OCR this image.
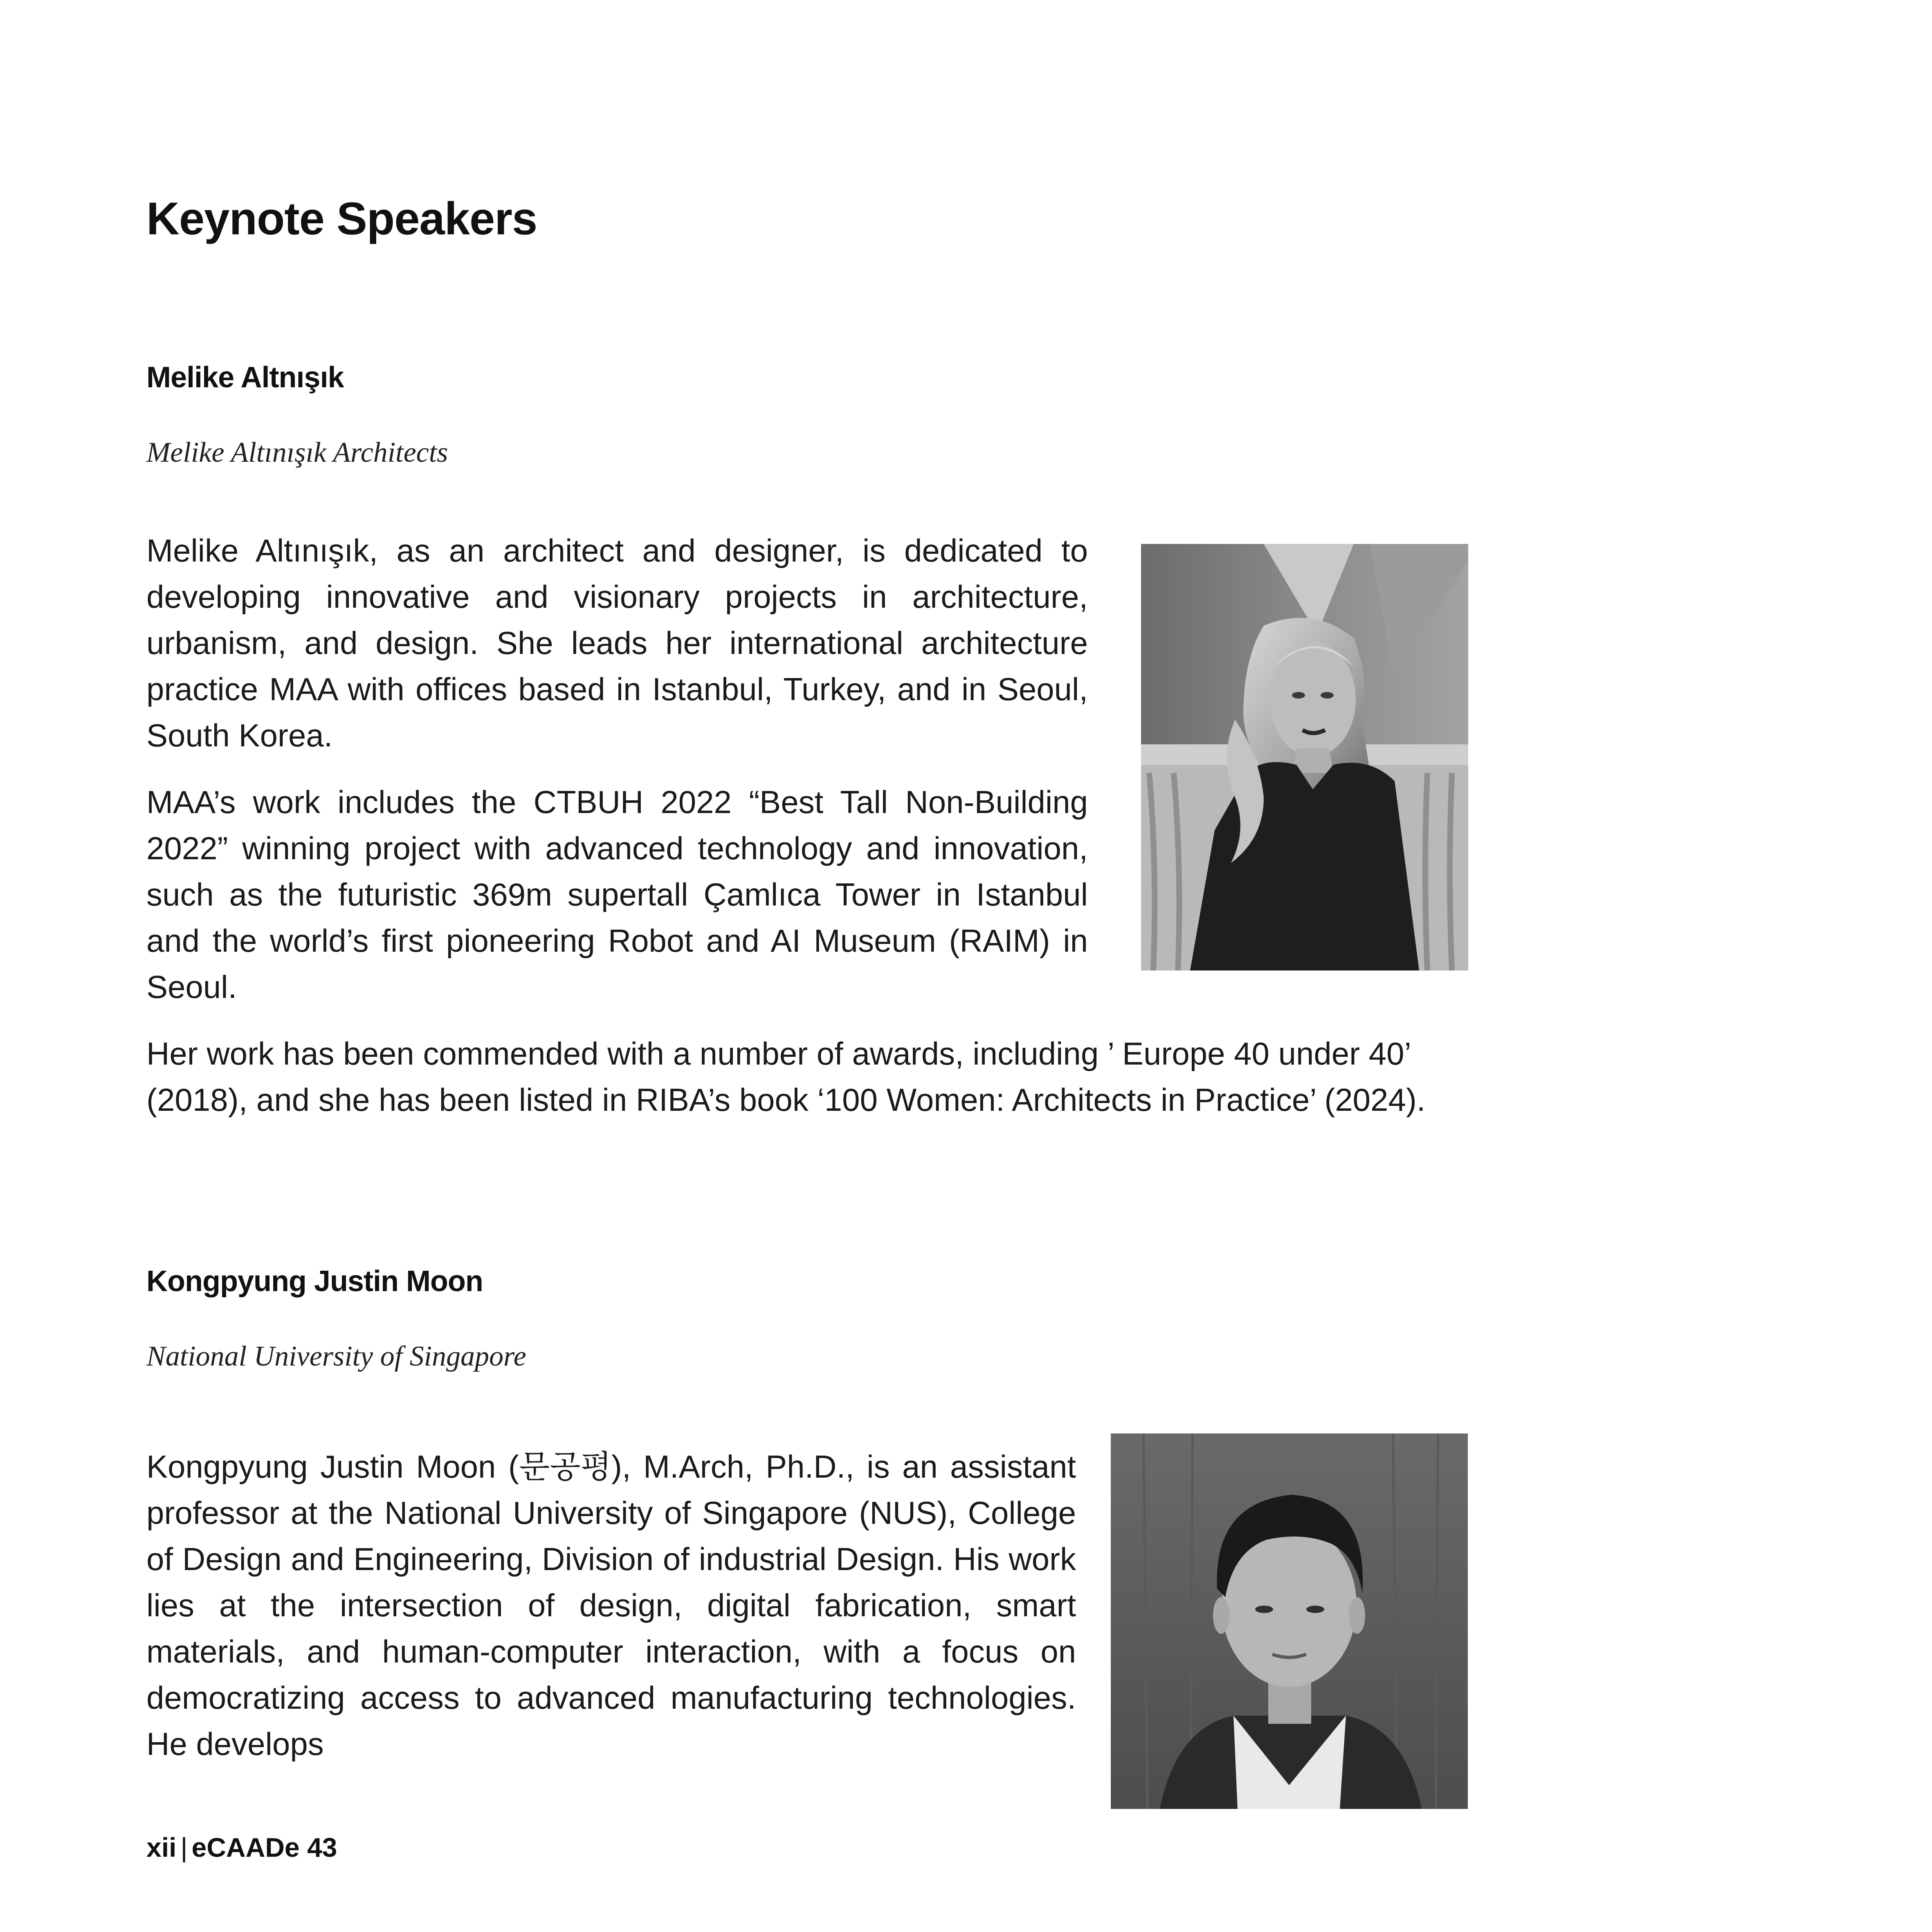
Keynote Speakers
Melike Altnışık

Melike Altınışık Architects

Melike Altınışık, as an architect and designer, is dedicated to developing innovative and visionary projects in architecture, urbanism, and design. She leads her international architecture practice MAA with offices based in Istanbul, Turkey, and in Seoul, South Korea.

MAA’s work includes the CTBUH 2022 “Best Tall Non-Building 2022” winning project with advanced technology and innovation, such as the futuristic 369m supertall Çamlıca Tower in Istanbul and the world’s first pioneering Robot and AI Museum (RAIM) in Seoul.

Her work has been commended with a number of awards, including ’ Europe 40 under 40’ (2018), and she has been listed in RIBA’s book ‘100 Women: Architects in Practice’ (2024).

Kongpyung Justin Moon

National University of Singapore

Kongpyung Justin Moon (문공평), M.Arch, Ph.D., is an assistant professor at the National University of Singapore (NUS), College of Design and Engineering, Division of industrial Design. His work lies at the intersection of design, digital fabrication, smart materials, and human-computer interaction, with a focus on democratizing access to advanced manufacturing technologies. He develops

xii | eCAADe 43
